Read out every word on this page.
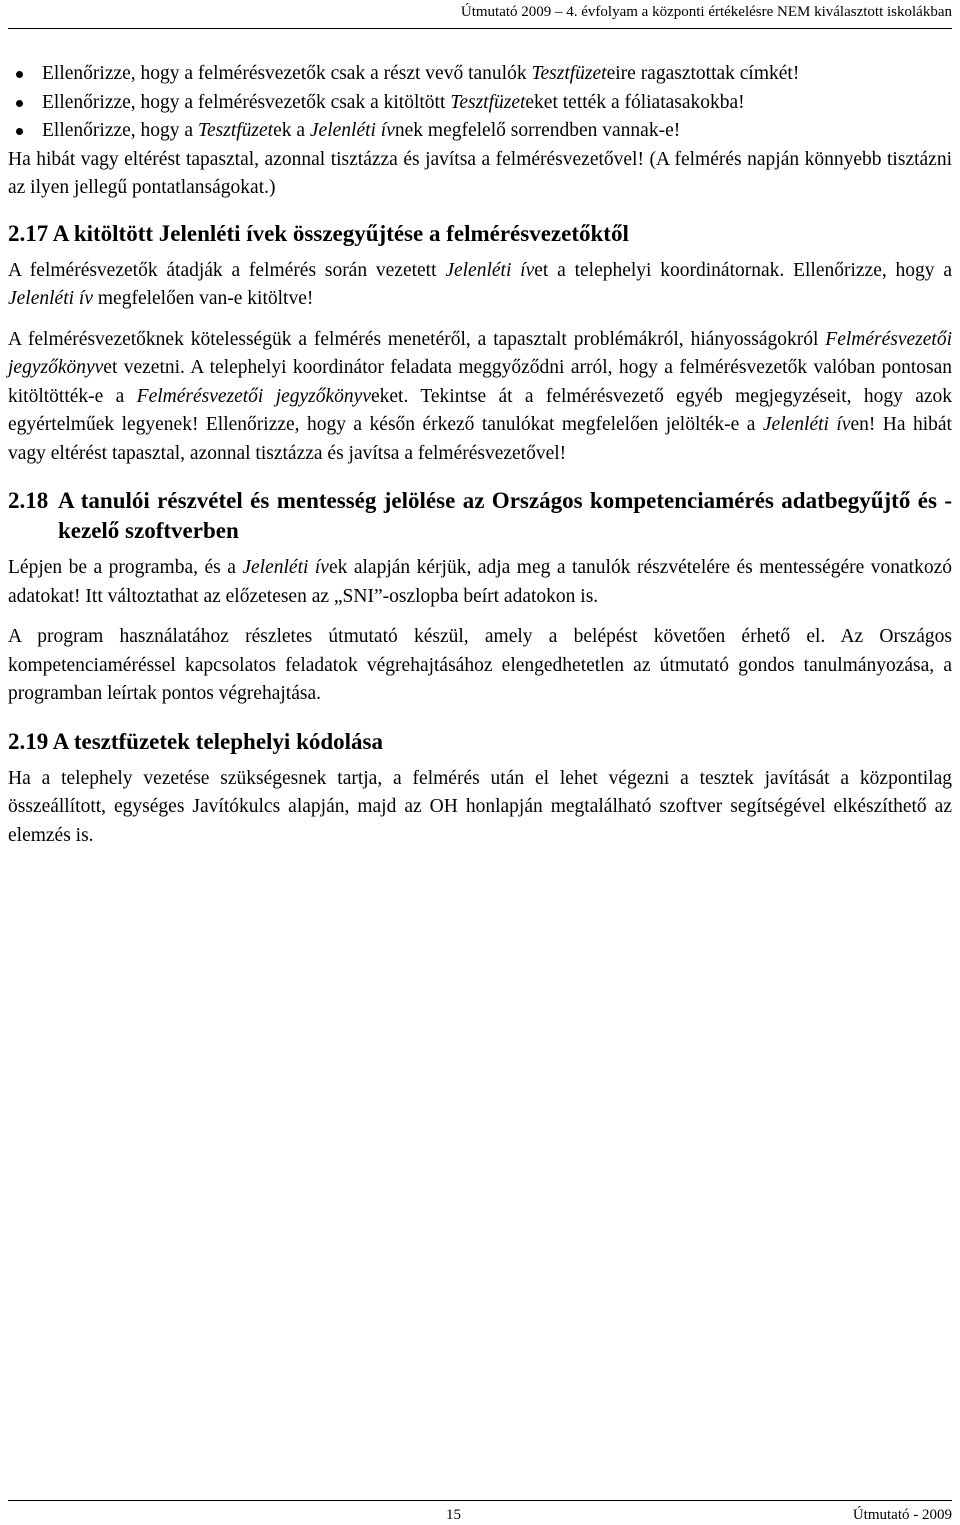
Útmutató 2009 – 4. évfolyam a központi értékelésre NEM kiválasztott iskolákban
Ellenőrizze, hogy a felmérésvezetők csak a részt vevő tanulók Tesztfüzeteire ragasztottak címkét!
Ellenőrizze, hogy a felmérésvezetők csak a kitöltött Tesztfüzeteket tették a fóliatasakokba!
Ellenőrizze, hogy a Tesztfüzetek a Jelenléti ívnek megfelelő sorrendben vannak-e!

Ha hibát vagy eltérést tapasztal, azonnal tisztázza és javítsa a felmérésvezetővel! (A felmérés napján könnyebb tisztázni az ilyen jellegű pontatlanságokat.)

2.17 A kitöltött Jelenléti ívek összegyűjtése a felmérésvezetőktől

A felmérésvezetők átadják a felmérés során vezetett Jelenléti ívet a telephelyi koordinátornak. Ellenőrizze, hogy a Jelenléti ív megfelelően van-e kitöltve!

A felmérésvezetőknek kötelességük a felmérés menetéről, a tapasztalt problémákról, hiányosságokról Felmérésvezetői jegyzőkönyvet vezetni. A telephelyi koordinátor feladata meggyőződni arról, hogy a felmérésvezetők valóban pontosan kitöltötték-e a Felmérésvezetői jegyzőkönyveket. Tekintse át a felmérésvezető egyéb megjegyzéseit, hogy azok egyértelműek legyenek! Ellenőrizze, hogy a későn érkező tanulókat megfelelően jelölték-e a Jelenléti íven! Ha hibát vagy eltérést tapasztal, azonnal tisztázza és javítsa a felmérésvezetővel!

2.18 A tanulói részvétel és mentesség jelölése az Országos kompetenciamérés adatbegyűjtő és -kezelő szoftverben

Lépjen be a programba, és a Jelenléti ívek alapján kérjük, adja meg a tanulók részvételére és mentességére vonatkozó adatokat! Itt változtathat az előzetesen az „SNI”-oszlopba beírt adatokon is.

A program használatához részletes útmutató készül, amely a belépést követően érhető el. Az Országos kompetenciaméréssel kapcsolatos feladatok végrehajtásához elengedhetetlen az útmutató gondos tanulmányozása, a programban leírtak pontos végrehajtása.

2.19 A tesztfüzetek telephelyi kódolása

Ha a telephely vezetése szükségesnek tartja, a felmérés után el lehet végezni a tesztek javítását a központilag összeállított, egységes Javítókulcs alapján, majd az OH honlapján megtalálható szoftver segítségével elkészíthető az elemzés is.

15	Útmutató - 2009
